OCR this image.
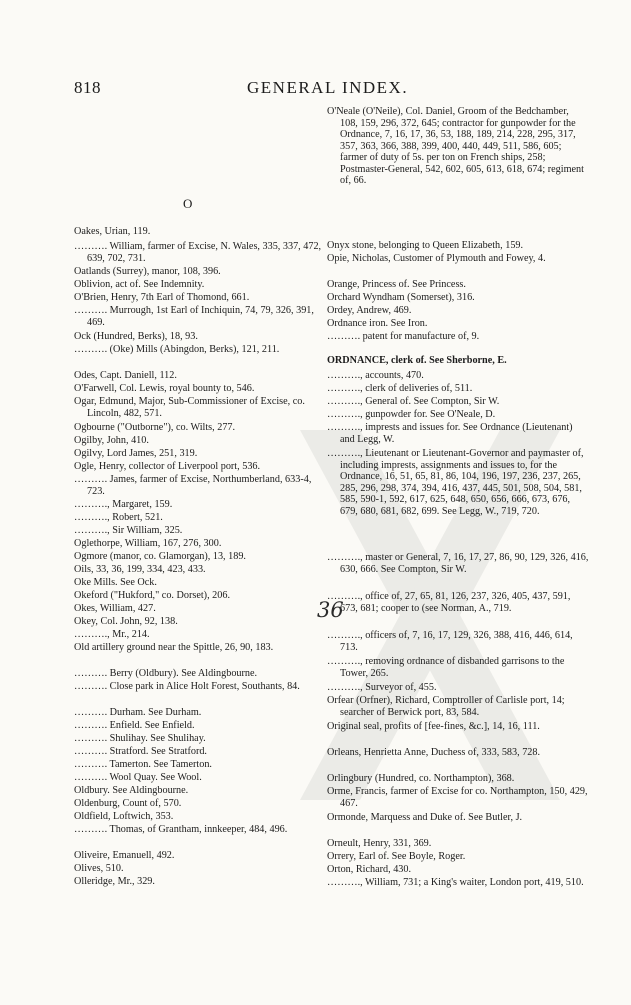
818	GENERAL INDEX.
O
Oakes, Urian, 119.
………. William, farmer of Excise, N. Wales, 335, 337, 472, 639, 702, 731.
Oatlands (Surrey), manor, 108, 396.
Oblivion, act of. See Indemnity.
O'Brien, Henry, 7th Earl of Thomond, 661.
………. Murrough, 1st Earl of Inchiquin, 74, 79, 326, 391, 469.
Ock (Hundred, Berks), 18, 93.
………. (Oke) Mills (Abingdon, Berks), 121, 211.
Odes, Capt. Daniell, 112.
O'Farwell, Col. Lewis, royal bounty to, 546.
Ogar, Edmund, Major, Sub-Commissioner of Excise, co. Lincoln, 482, 571.
Ogbourne ("Outborne"), co. Wilts, 277.
Ogilby, John, 410.
Ogilvy, Lord James, 251, 319.
Ogle, Henry, collector of Liverpool port, 536.
………. James, farmer of Excise, Northumberland, 633-4, 723.
………., Margaret, 159.
………., Robert, 521.
………., Sir William, 325.
Oglethorpe, William, 167, 276, 300.
Ogmore (manor, co. Glamorgan), 13, 189.
Oils, 33, 36, 199, 334, 423, 433.
Oke Mills. See Ock.
Okeford ("Hukford," co. Dorset), 206.
Okes, William, 427.
Okey, Col. John, 92, 138.
………., Mr., 214.
Old artillery ground near the Spittle, 26, 90, 183.
………. Berry (Oldbury). See Aldingbourne.
………. Close park in Alice Holt Forest, Southants, 84.
………. Durham. See Durham.
………. Enfield. See Enfield.
………. Shulihay. See Shulihay.
………. Stratford. See Stratford.
………. Tamerton. See Tamerton.
………. Wool Quay. See Wool.
Oldbury. See Aldingbourne.
Oldenburg, Count of, 570.
Oldfield, Loftwich, 353.
………. Thomas, of Grantham, innkeeper, 484, 496.
Oliveire, Emanuell, 492.
Olives, 510.
Olleridge, Mr., 329.
O'Neale (O'Neile), Col. Daniel, Groom of the Bedchamber, 108, 159, 296, 372, 645; contractor for gunpowder for the Ordnance, 7, 16, 17, 36, 53, 188, 189, 214, 228, 295, 317, 357, 363, 366, 388, 399, 400, 440, 449, 511, 586, 605; farmer of duty of 5s. per ton on French ships, 258; Postmaster-General, 542, 602, 605, 613, 618, 674; regiment of, 66.
Onyx stone, belonging to Queen Elizabeth, 159.
Opie, Nicholas, Customer of Plymouth and Fowey, 4.
Orange, Princess of. See Princess.
Orchard Wyndham (Somerset), 316.
Ordey, Andrew, 469.
Ordnance iron. See Iron.
………. patent for manufacture of, 9.
ORDNANCE, clerk of. See Sherborne, E.
………., accounts, 470.
………., clerk of deliveries of, 511.
………., General of. See Compton, Sir W.
………., gunpowder for. See O'Neale, D.
………., imprests and issues for. See Ordnance (Lieutenant) and Legg, W.
………., Lieutenant or Lieutenant-Governor and paymaster of, including imprests, assignments and issues to, for the Ordnance, 16, 51, 65, 81, 86, 104, 196, 197, 236, 237, 265, 285, 296, 298, 374, 394, 416, 437, 445, 501, 508, 504, 581, 585, 590-1, 592, 617, 625, 648, 650, 656, 666, 673, 676, 679, 680, 681, 682, 699. See Legg, W., 719, 720.
………., master or General, 7, 16, 17, 27, 86, 90, 129, 326, 416, 630, 666. See Compton, Sir W.
………., office of, 27, 65, 81, 126, 237, 326, 405, 437, 591, 673, 681; cooper to (see Norman, A., 719.
………., officers of, 7, 16, 17, 129, 326, 388, 416, 446, 614, 713.
………., removing ordnance of disbanded garrisons to the Tower, 265.
………., Surveyor of, 455.
Orfear (Orfner), Richard, Comptroller of Carlisle port, 14; searcher of Berwick port, 83, 584.
Original seal, profits of [fee-fines, &c.], 14, 16, 111.
Orleans, Henrietta Anne, Duchess of, 333, 583, 728.
Orlingbury (Hundred, co. Northampton), 368.
Orme, Francis, farmer of Excise for co. Northampton, 150, 429, 467.
Ormonde, Marquess and Duke of. See Butler, J.
Orneult, Henry, 331, 369.
Orrery, Earl of. See Boyle, Roger.
Orton, Richard, 430.
………., William, 731; a King's waiter, London port, 419, 510.
36
